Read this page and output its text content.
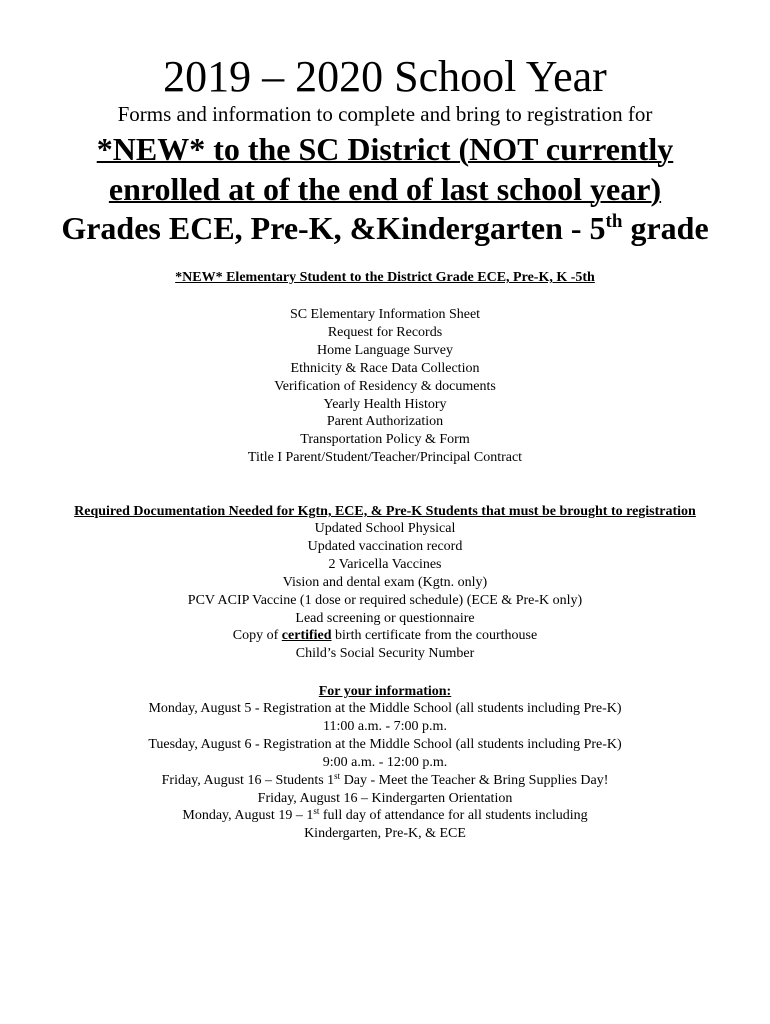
2019 – 2020 School Year
Forms and information to complete and bring to registration for
*NEW* to the SC District (NOT currently
enrolled at of the end of last school year)
Grades ECE, Pre-K, &Kindergarten - 5th grade
*NEW* Elementary Student to the District Grade ECE, Pre-K, K -5th
SC Elementary Information Sheet
Request for Records
Home Language Survey
Ethnicity & Race Data Collection
Verification of Residency & documents
Yearly Health History
Parent Authorization
Transportation Policy & Form
Title I Parent/Student/Teacher/Principal Contract
Required Documentation Needed for Kgtn, ECE, & Pre-K Students that must be brought to registration
Updated School Physical
Updated vaccination record
2 Varicella Vaccines
Vision and dental exam (Kgtn. only)
PCV ACIP Vaccine (1 dose or required schedule) (ECE & Pre-K only)
Lead screening or questionnaire
Copy of certified birth certificate from the courthouse
Child’s Social Security Number
For your information:
Monday, August 5 - Registration at the Middle School (all students including Pre-K)
11:00 a.m. - 7:00 p.m.
Tuesday, August 6 - Registration at the Middle School (all students including Pre-K)
9:00 a.m. - 12:00 p.m.
Friday, August 16 – Students 1st Day - Meet the Teacher & Bring Supplies Day!
Friday, August 16 – Kindergarten Orientation
Monday, August 19 – 1st full day of attendance for all students including
Kindergarten, Pre-K, & ECE
